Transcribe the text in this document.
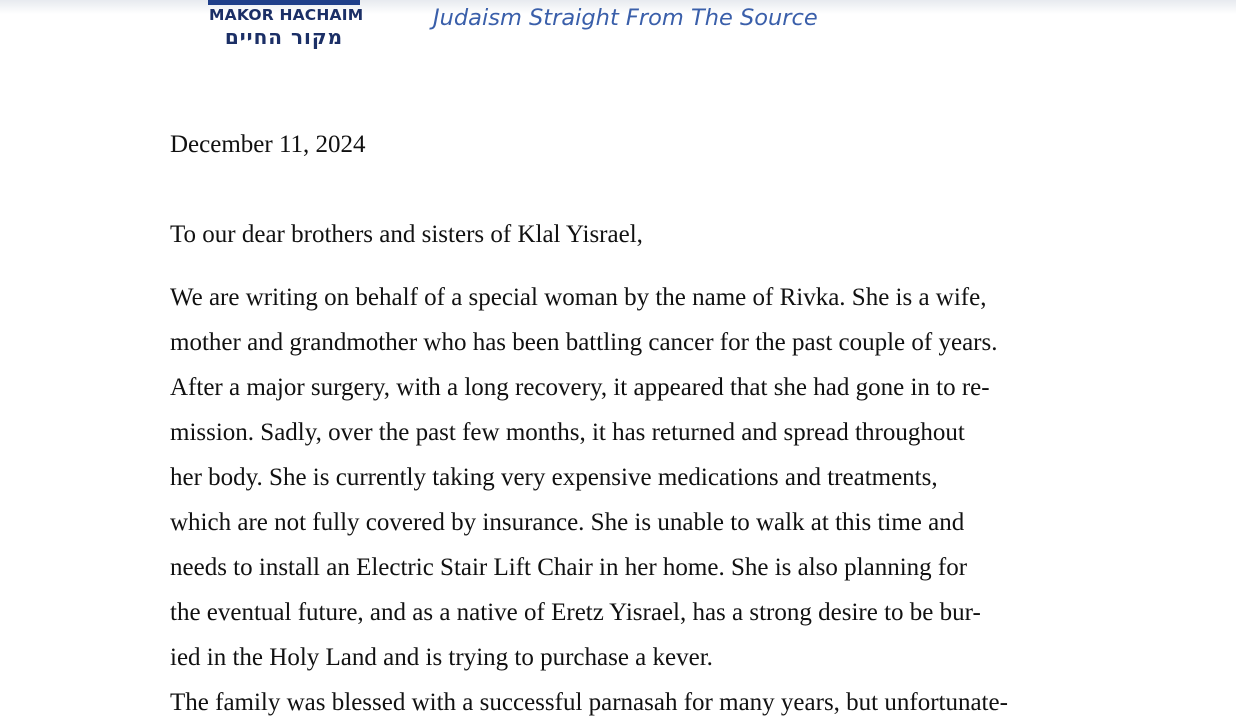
MAKOR HACHAIM
מקור החיים
Judaism Straight From The Source
December 11, 2024
To our dear brothers and sisters of Klal Yisrael,
We are writing on behalf of a special woman by the name of Rivka. She is a wife,
mother and grandmother who has been battling cancer for the past couple of years.
After a major surgery, with a long recovery, it appeared that she had gone in to re-
mission. Sadly, over the past few months, it has returned and spread throughout
her body. She is currently taking very expensive medications and treatments,
which are not fully covered by insurance. She is unable to walk at this time and
needs to install an Electric Stair Lift Chair in her home. She is also planning for
the eventual future, and as a native of Eretz Yisrael, has a strong desire to be bur-
ied in the Holy Land and is trying to purchase a kever.
The family was blessed with a successful parnasah for many years, but unfortunate-
